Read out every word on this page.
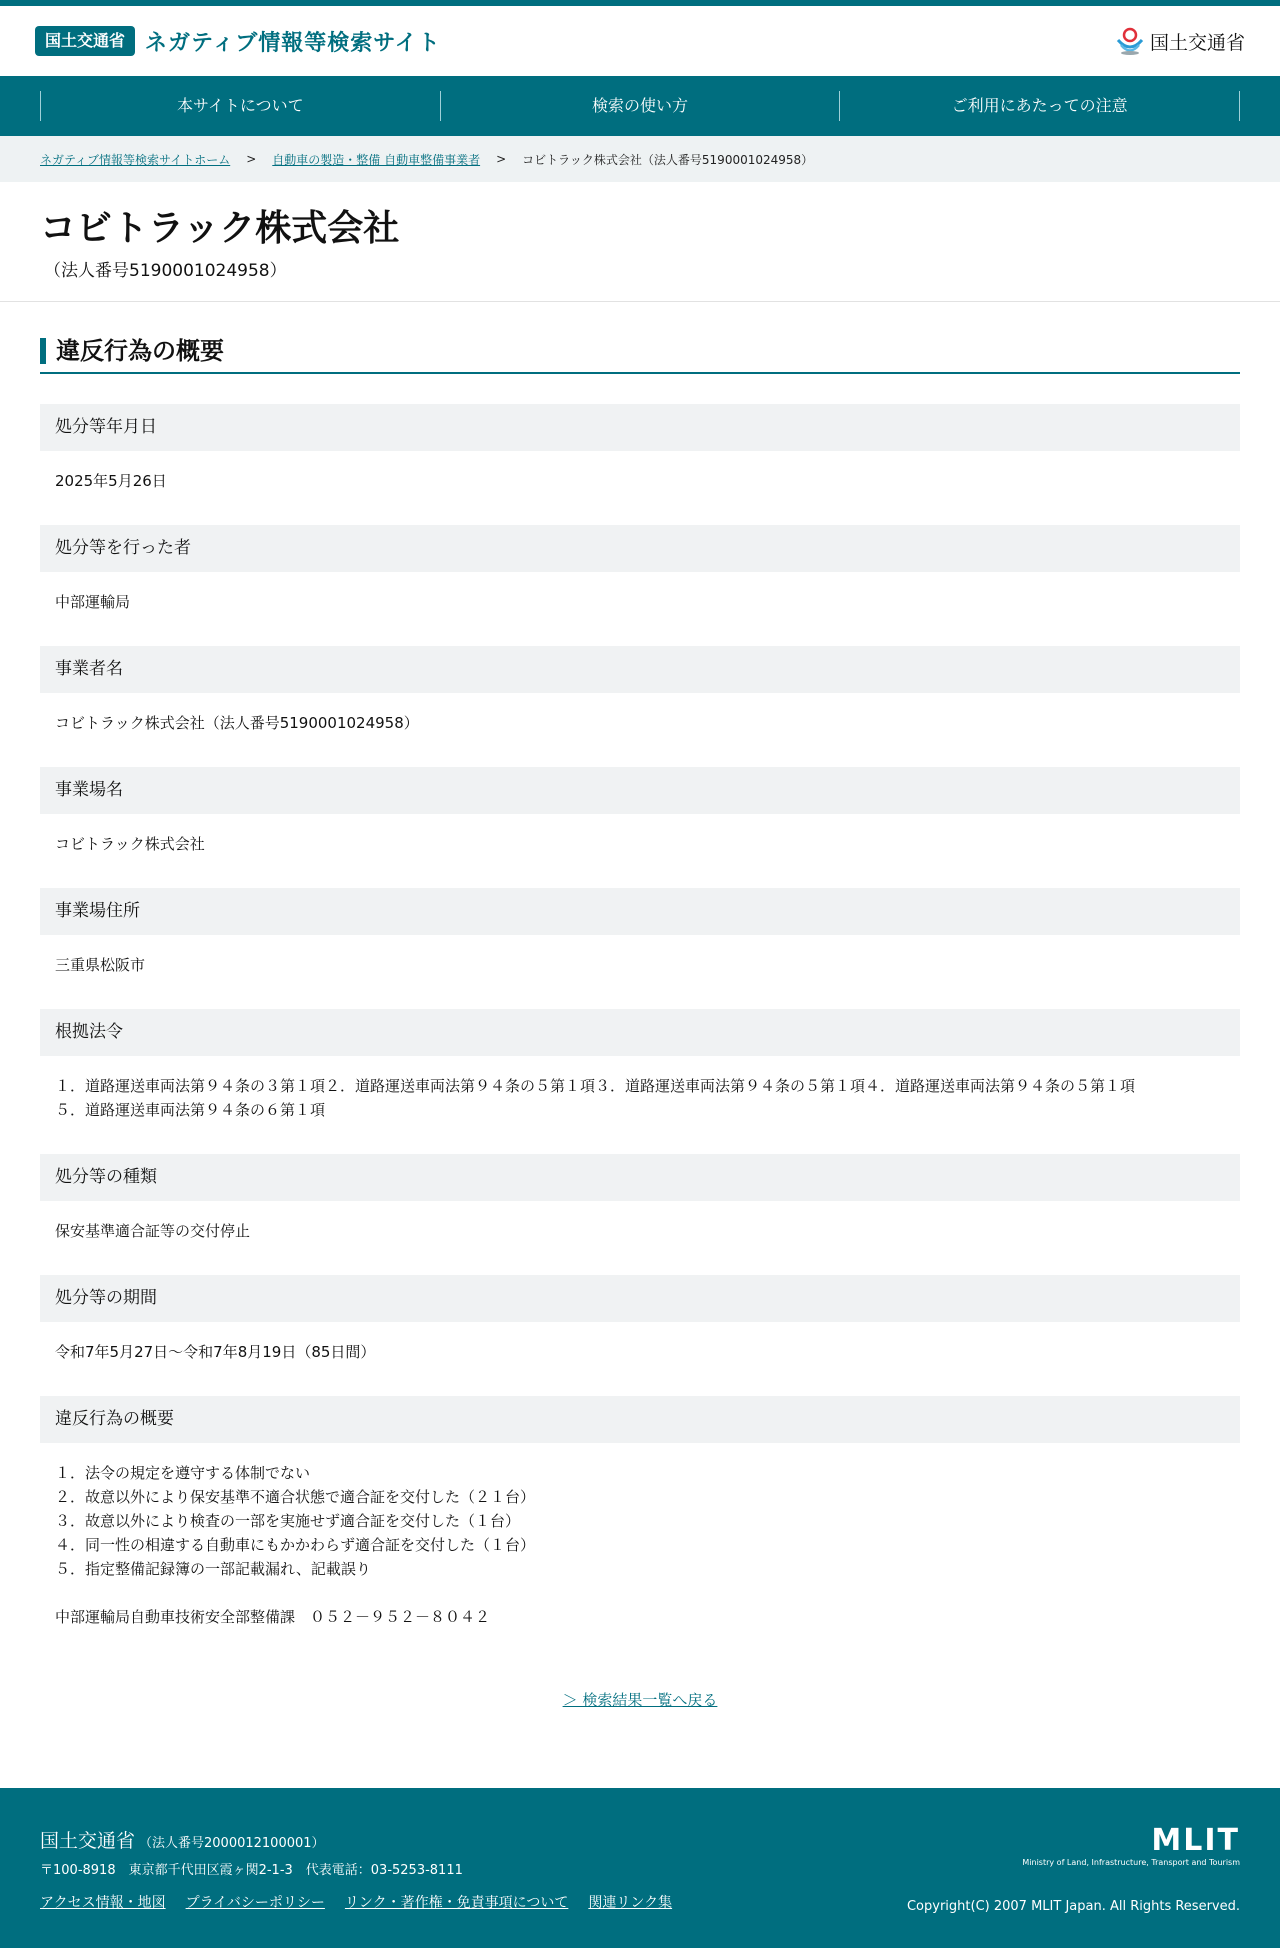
国土交通省 ネガティブ情報等検索サイト	国土交通省
本サイトについて	検索の使い方	ご利用にあたっての注意
ネガティブ情報等検索サイトホーム > 自動車の製造・整備 自動車整備事業者 > コビトラック株式会社（法人番号5190001024958）
コビトラック株式会社
（法人番号5190001024958）
違反行為の概要
処分等年月日
2025年5月26日
処分等を行った者
中部運輸局
事業者名
コビトラック株式会社（法人番号5190001024958）
事業場名
コビトラック株式会社
事業場住所
三重県松阪市
根拠法令
１．道路運送車両法第９４条の３第１項２．道路運送車両法第９４条の５第１項３．道路運送車両法第９４条の５第１項４．道路運送車両法第９４条の５第１項
５．道路運送車両法第９４条の６第１項
処分等の種類
保安基準適合証等の交付停止
処分等の期間
令和7年5月27日～令和7年8月19日（85日間）
違反行為の概要
１．法令の規定を遵守する体制でない
２．故意以外により保安基準不適合状態で適合証を交付した（２１台）
３．故意以外により検査の一部を実施せず適合証を交付した（１台）
４．同一性の相違する自動車にもかかわらず適合証を交付した（１台）
５．指定整備記録簿の一部記載漏れ、記載誤り
中部運輸局自動車技術安全部整備課　０５２－９５２－８０４２
＞ 検索結果一覧へ戻る
国土交通省 （法人番号2000012100001）
〒100-8918　東京都千代田区霞ヶ関2-1-3　代表電話：03-5253-8111
アクセス情報・地図 プライバシーポリシー リンク・著作権・免責事項について 関連リンク集
MLIT
Ministry of Land, Infrastructure, Transport and Tourism
Copyright(C) 2007 MLIT Japan. All Rights Reserved.
